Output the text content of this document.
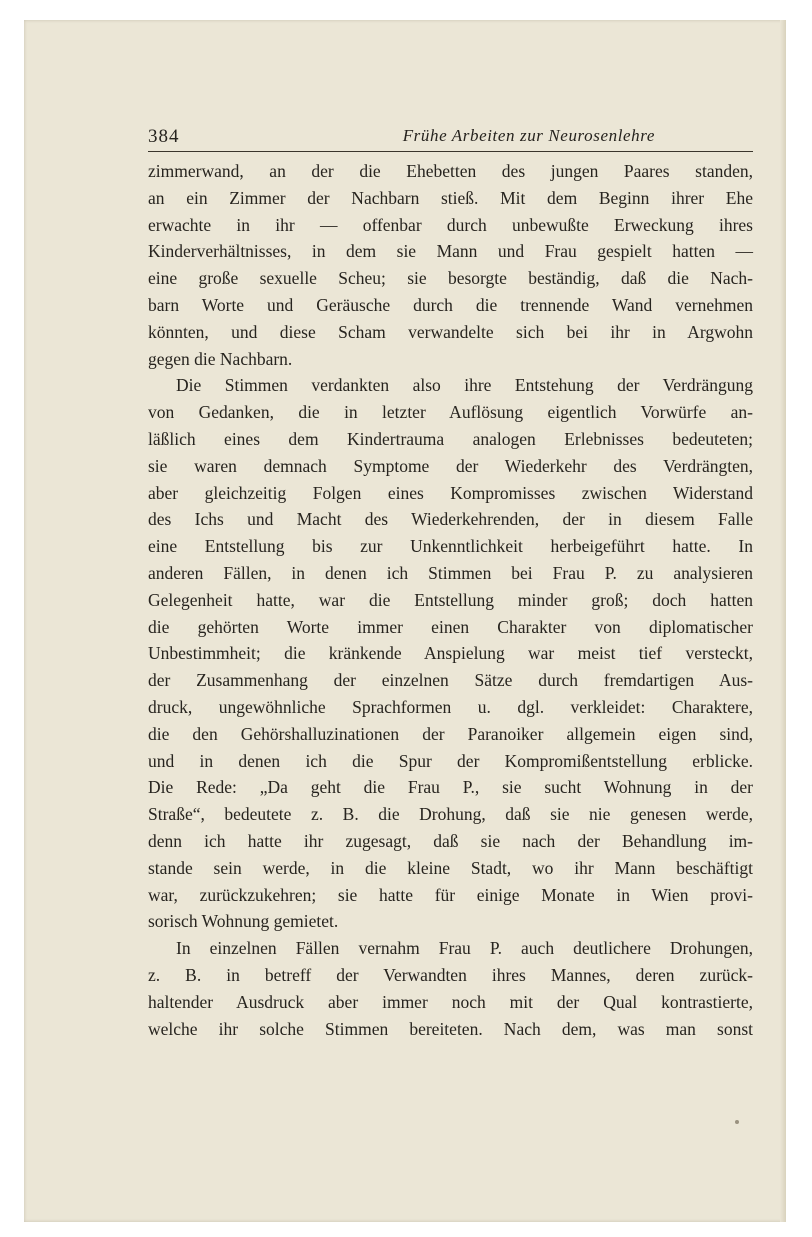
384	Frühe Arbeiten zur Neurosenlehre
zimmerwand, an der die Ehebetten des jungen Paares standen,
an ein Zimmer der Nachbarn stieß. Mit dem Beginn ihrer Ehe
erwachte in ihr — offenbar durch unbewußte Erweckung ihres
Kinderverhältnisses, in dem sie Mann und Frau gespielt hatten —
eine große sexuelle Scheu; sie besorgte beständig, daß die Nach-
barn Worte und Geräusche durch die trennende Wand vernehmen
könnten, und diese Scham verwandelte sich bei ihr in Argwohn
gegen die Nachbarn.
Die Stimmen verdankten also ihre Entstehung der Verdrängung
von Gedanken, die in letzter Auflösung eigentlich Vorwürfe an-
läßlich eines dem Kindertrauma analogen Erlebnisses bedeuteten;
sie waren demnach Symptome der Wiederkehr des Verdrängten,
aber gleichzeitig Folgen eines Kompromisses zwischen Widerstand
des Ichs und Macht des Wiederkehrenden, der in diesem Falle
eine Entstellung bis zur Unkenntlichkeit herbeigeführt hatte. In
anderen Fällen, in denen ich Stimmen bei Frau P. zu analysieren
Gelegenheit hatte, war die Entstellung minder groß; doch hatten
die gehörten Worte immer einen Charakter von diplomatischer
Unbestimmheit; die kränkende Anspielung war meist tief versteckt,
der Zusammenhang der einzelnen Sätze durch fremdartigen Aus-
druck, ungewöhnliche Sprachformen u. dgl. verkleidet: Charaktere,
die den Gehörshalluzinationen der Paranoiker allgemein eigen sind,
und in denen ich die Spur der Kompromißentstellung erblicke.
Die Rede: „Da geht die Frau P., sie sucht Wohnung in der
Straße“, bedeutete z. B. die Drohung, daß sie nie genesen werde,
denn ich hatte ihr zugesagt, daß sie nach der Behandlung im-
stande sein werde, in die kleine Stadt, wo ihr Mann beschäftigt
war, zurückzukehren; sie hatte für einige Monate in Wien provi-
sorisch Wohnung gemietet.
In einzelnen Fällen vernahm Frau P. auch deutlichere Drohungen,
z. B. in betreff der Verwandten ihres Mannes, deren zurück-
haltender Ausdruck aber immer noch mit der Qual kontrastierte,
welche ihr solche Stimmen bereiteten. Nach dem, was man sonst
